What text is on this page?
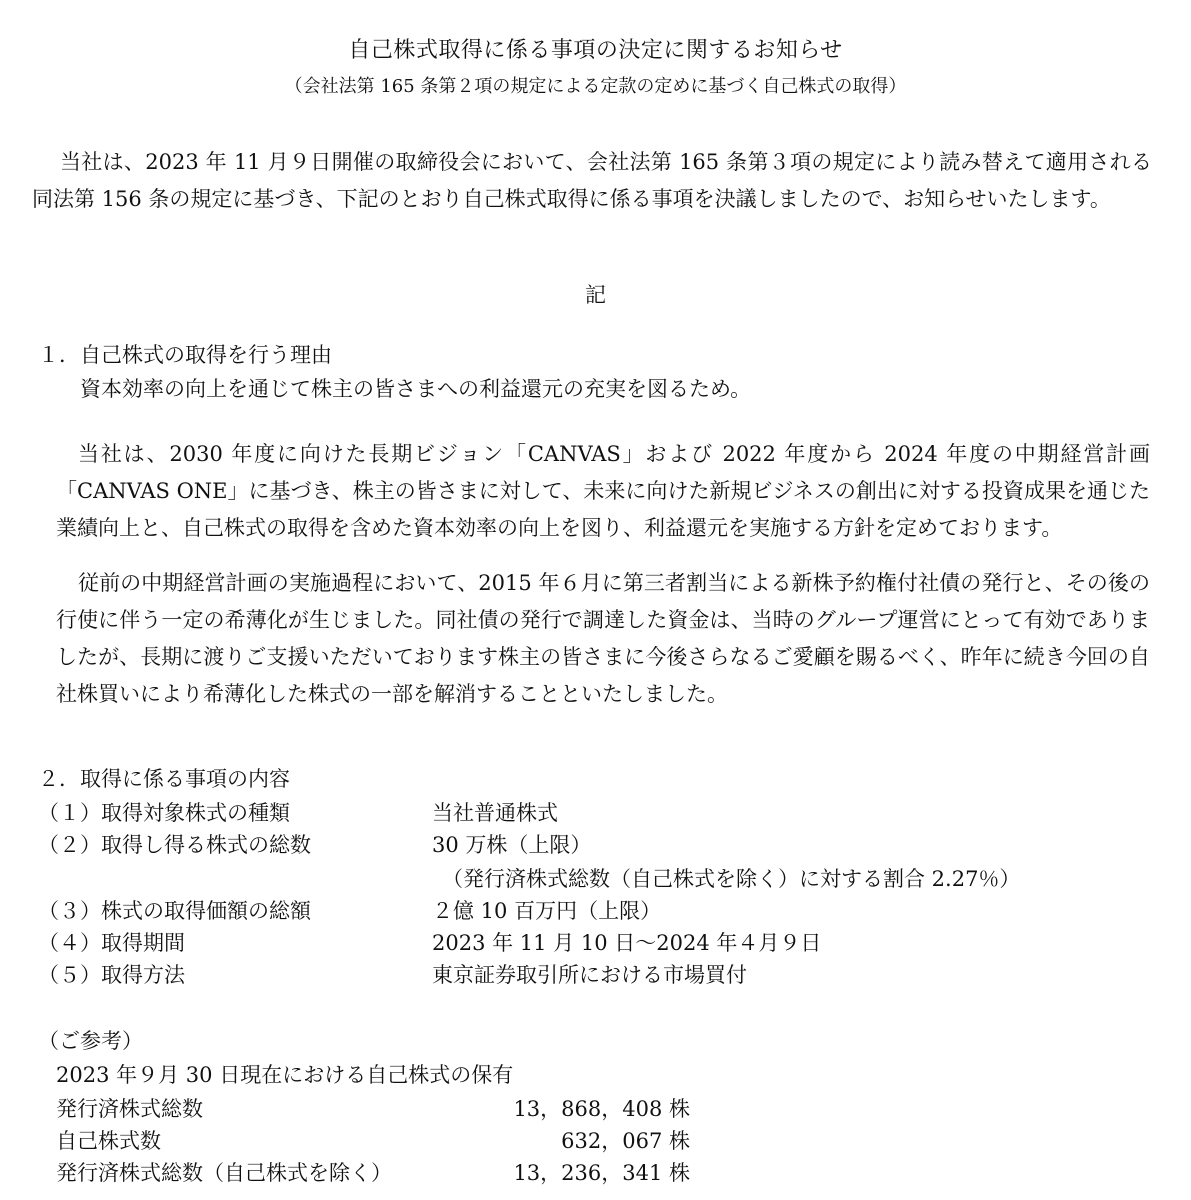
自己株式取得に係る事項の決定に関するお知らせ
（会社法第 165 条第２項の規定による定款の定めに基づく自己株式の取得）
当社は、2023 年 11 月９日開催の取締役会において、会社法第 165 条第３項の規定により読み替えて適用される同法第 156 条の規定に基づき、下記のとおり自己株式取得に係る事項を決議しましたので、お知らせいたします。
記
１．自己株式の取得を行う理由
資本効率の向上を通じて株主の皆さまへの利益還元の充実を図るため。
当社は、2030 年度に向けた長期ビジョン「CANVAS」および 2022 年度から 2024 年度の中期経営計画「CANVAS ONE」に基づき、株主の皆さまに対して、未来に向けた新規ビジネスの創出に対する投資成果を通じた業績向上と、自己株式の取得を含めた資本効率の向上を図り、利益還元を実施する方針を定めております。
従前の中期経営計画の実施過程において、2015 年６月に第三者割当による新株予約権付社債の発行と、その後の行使に伴う一定の希薄化が生じました。同社債の発行で調達した資金は、当時のグループ運営にとって有効でありましたが、長期に渡りご支援いただいております株主の皆さまに今後さらなるご愛顧を賜るべく、昨年に続き今回の自社株買いにより希薄化した株式の一部を解消することといたしました。
２．取得に係る事項の内容
（１）取得対象株式の種類	当社普通株式
（２）取得し得る株式の総数	30 万株（上限）
（発行済株式総数（自己株式を除く）に対する割合 2.27％）
（３）株式の取得価額の総額	２億 10 百万円（上限）
（４）取得期間	2023 年 11 月 10 日～2024 年４月９日
（５）取得方法	東京証券取引所における市場買付
（ご参考）
2023 年９月 30 日現在における自己株式の保有
発行済株式総数	13，868，408 株
自己株式数	632，067 株
発行済株式総数（自己株式を除く）	13，236，341 株
